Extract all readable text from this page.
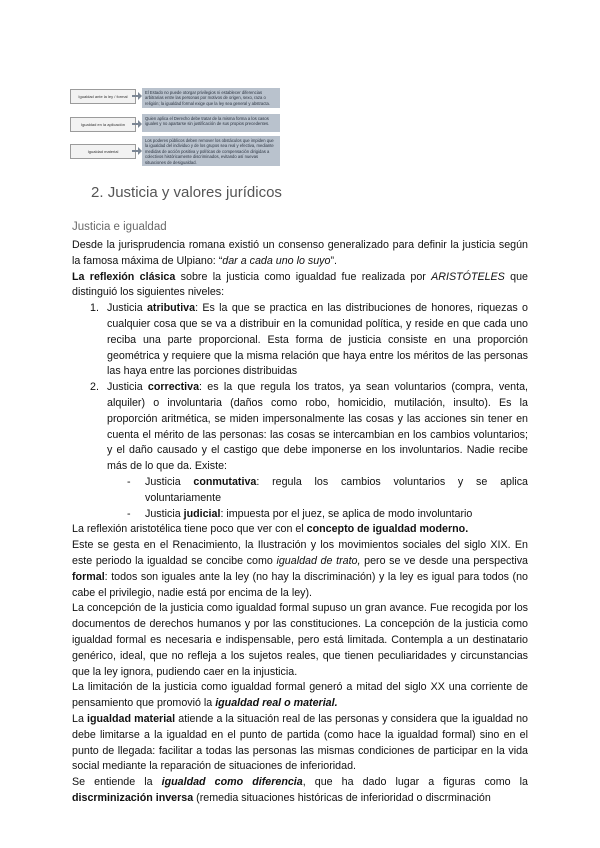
Igualdad ante la ley / formal
El Estado no puede otorgar privilegios ni establecer diferencias arbitrarias entre las personas por motivos de origen, sexo, raza o religión; la igualdad formal exige que la ley sea general y abstracta.
Igualdad en la aplicación
Quien aplica el Derecho debe tratar de la misma forma a los casos iguales y no apartarse sin justificación de sus propios precedentes.
Igualdad material
Los poderes públicos deben remover los obstáculos que impiden que la igualdad del individuo y de los grupos sea real y efectiva, mediante medidas de acción positiva y políticas de compensación dirigidas a colectivos históricamente discriminados, evitando así nuevas situaciones de desigualdad.
2. Justicia y valores jurídicos
Justicia e igualdad

Desde la jurisprudencia romana existió un consenso generalizado para definir la justicia según la famosa máxima de Ulpiano: “dar a cada uno lo suyo”.

La reflexión clásica sobre la justicia como igualdad fue realizada por ARISTÓTELES que distinguió los siguientes niveles:

1. Justicia atributiva: Es la que se practica en las distribuciones de honores, riquezas o cualquier cosa que se va a distribuir en la comunidad política, y reside en que cada uno reciba una parte proporcional. Esta forma de justicia consiste en una proporción geométrica y requiere que la misma relación que haya entre los méritos de las personas las haya entre las porciones distribuidas
2. Justicia correctiva: es la que regula los tratos, ya sean voluntarios (compra, venta, alquiler) o involuntaria (daños como robo, homicidio, mutilación, insulto). Es la proporción aritmética, se miden impersonalmente las cosas y las acciones sin tener en cuenta el mérito de las personas: las cosas se intercambian en los cambios voluntarios; y el daño causado y el castigo que debe imponerse en los involuntarios. Nadie recibe más de lo que da. Existe:
- Justicia conmutativa: regula los cambios voluntarios y se aplica voluntariamente
- Justicia judicial: impuesta por el juez, se aplica de modo involuntario

La reflexión aristotélica tiene poco que ver con el concepto de igualdad moderno.

Este se gesta en el Renacimiento, la Ilustración y los movimientos sociales del siglo XIX. En este periodo la igualdad se concibe como igualdad de trato, pero se ve desde una perspectiva formal: todos son iguales ante la ley (no hay la discriminación) y la ley es igual para todos (no cabe el privilegio, nadie está por encima de la ley).

La concepción de la justicia como igualdad formal supuso un gran avance. Fue recogida por los documentos de derechos humanos y por las constituciones. La concepción de la justicia como igualdad formal es necesaria e indispensable, pero está limitada. Contempla a un destinatario genérico, ideal, que no refleja a los sujetos reales, que tienen peculiaridades y circunstancias que la ley ignora, pudiendo caer en la injusticia.

La limitación de la justicia como igualdad formal generó a mitad del siglo XX una corriente de pensamiento que promovió la igualdad real o material.

La igualdad material atiende a la situación real de las personas y considera que la igualdad no debe limitarse a la igualdad en el punto de partida (como hace la igualdad formal) sino en el punto de llegada: facilitar a todas las personas las mismas condiciones de participar en la vida social mediante la reparación de situaciones de inferioridad.

Se entiende la igualdad como diferencia, que ha dado lugar a figuras como la discrminización inversa (remedia situaciones históricas de inferioridad o discrminación
